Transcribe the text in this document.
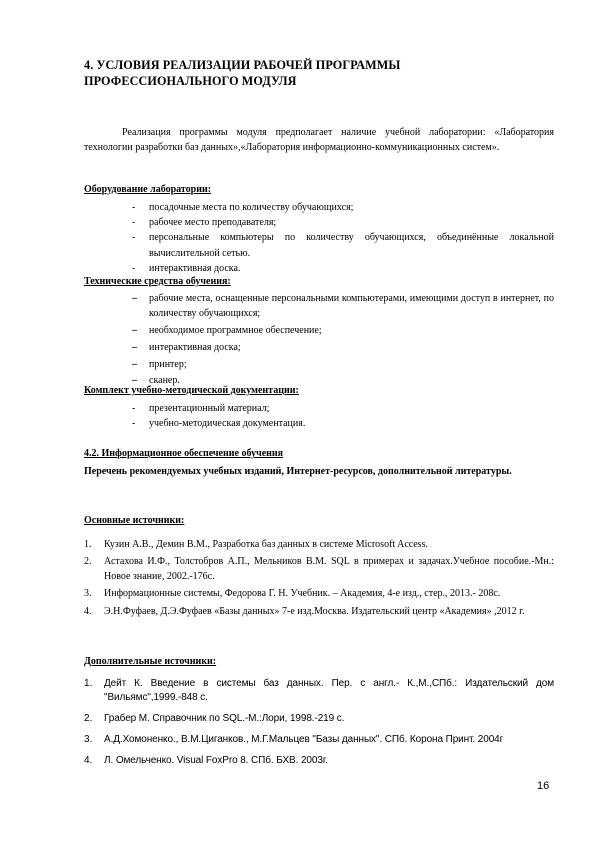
4. УСЛОВИЯ РЕАЛИЗАЦИИ РАБОЧЕЙ ПРОГРАММЫ ПРОФЕССИОНАЛЬНОГО МОДУЛЯ

Реализация программы модуля предполагает наличие учебной лаборатории: «Лаборатория технологии разработки баз данных»,«Лаборатория информационно-коммуникационных систем».

Оборудование лаборатории:
- посадочные места по количеству обучающихся;
- рабочее место преподавателя;
- персональные компьютеры по количеству обучающихся, объединённые локальной вычислительной сетью.
- интерактивная доска.
Технические средства обучения:
– рабочие места, оснащенные персональными компьютерами, имеющими доступ в интернет, по количеству обучающихся;
– необходимое программное обеспечение;
– интерактивная доска;
– принтер;
– сканер.
Комплект учебно-методической документации:
- презентационный материал;
- учебно-методическая документация.
4.2. Информационное обеспечение обучения

Перечень рекомендуемых учебных изданий, Интернет-ресурсов, дополнительной литературы.

Основные источники:
1. Кузин А.В., Демин В.М., Разработка баз данных в системе Microsoft Access.
2. Астахова И.Ф., Толстобров А.П., Мельников В.М. SQL в примерах и задачах.Учебное пособие.-Мн.: Новое знание, 2002.-176с.
3. Информационные системы, Федорова Г. Н. Учебник. – Академия, 4-е изд., стер., 2013.- 208с.
4. Э.Н.Фуфаев, Д.Э.Фуфаев «Базы данных» 7-е изд.Москва. Издательский центр «Академия» ,2012 г.
Дополнительные источники:
1. Дейт К. Введение в системы баз данных. Пер. с англ.- К.,М.,СПб.: Издательский дом "Вильямс",1999.-848 с.
2. Грабер М. Справочник по SQL.-М.:Лори, 1998.-219 с.
3. А.Д.Хомоненко., В.М.Циганков., М.Г.Мальцев "Базы данных". СПб. Корона Принт. 2004г
4. Л. Омельченко. Visual FoxPro 8. СПб. БХВ. 2003г.
16
